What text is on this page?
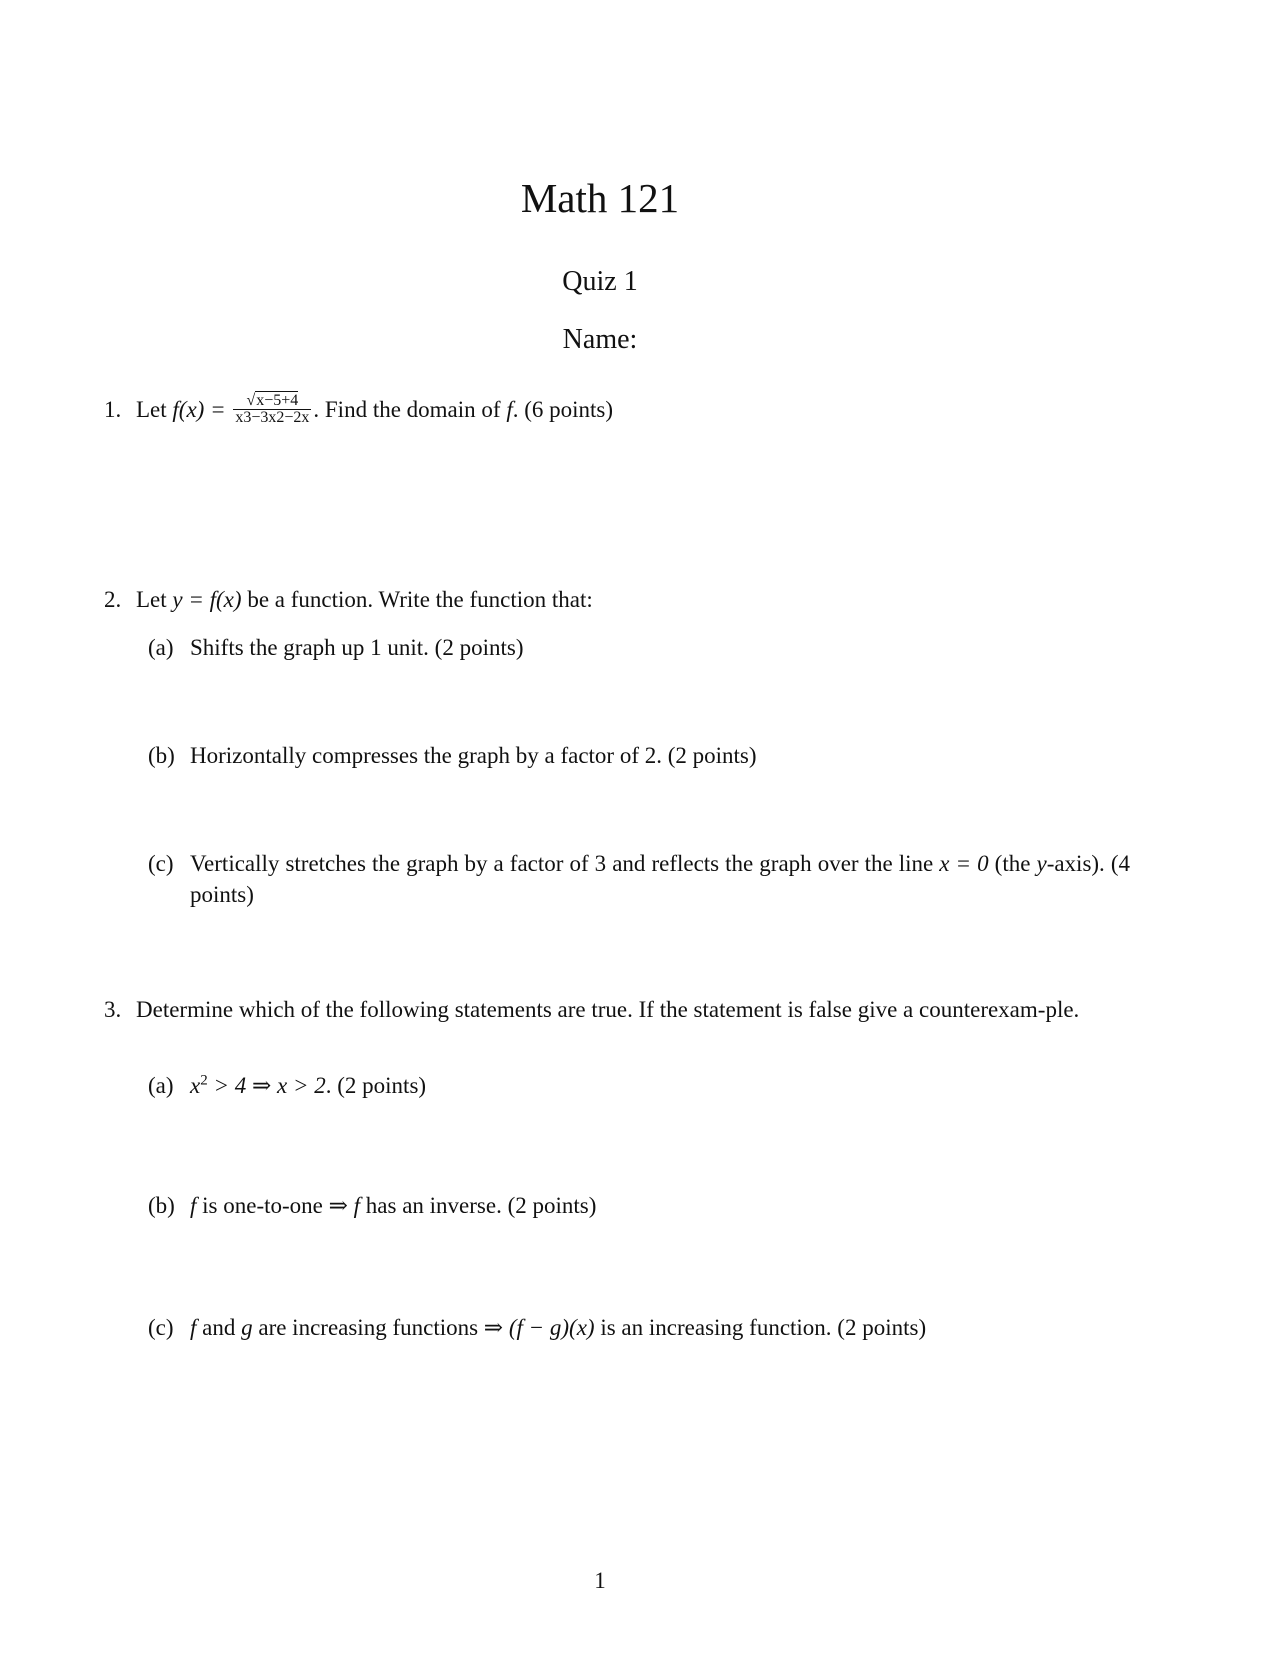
Math 121
Quiz 1
Name:
1. Let $f(x) = \frac{√x-5+4}{x3-3x2-2x}$ . Find the domain of f. (6 points)
2. Let y = f(x) be a function. Write the function that:
(a) Shifts the graph up 1 unit. (2 points)
(b) Horizontally compresses the graph by a factor of 2. (2 points)
(c) Vertically stretches the graph by a factor of 3 and reflects the graph over the line x = 0 (the y-axis). (4 points)
3. Determine which of the following statements are true. If the statement is false give a counterexam-ple.
(a) $x^2 > 4$ ⇒ x > 2. (2 points)
(b) f is one-to-one ⇒ f has an inverse. (2 points)
(c) f and g are increasing functions ⇒ (f − g)(x) is an increasing function. (2 points)
1
